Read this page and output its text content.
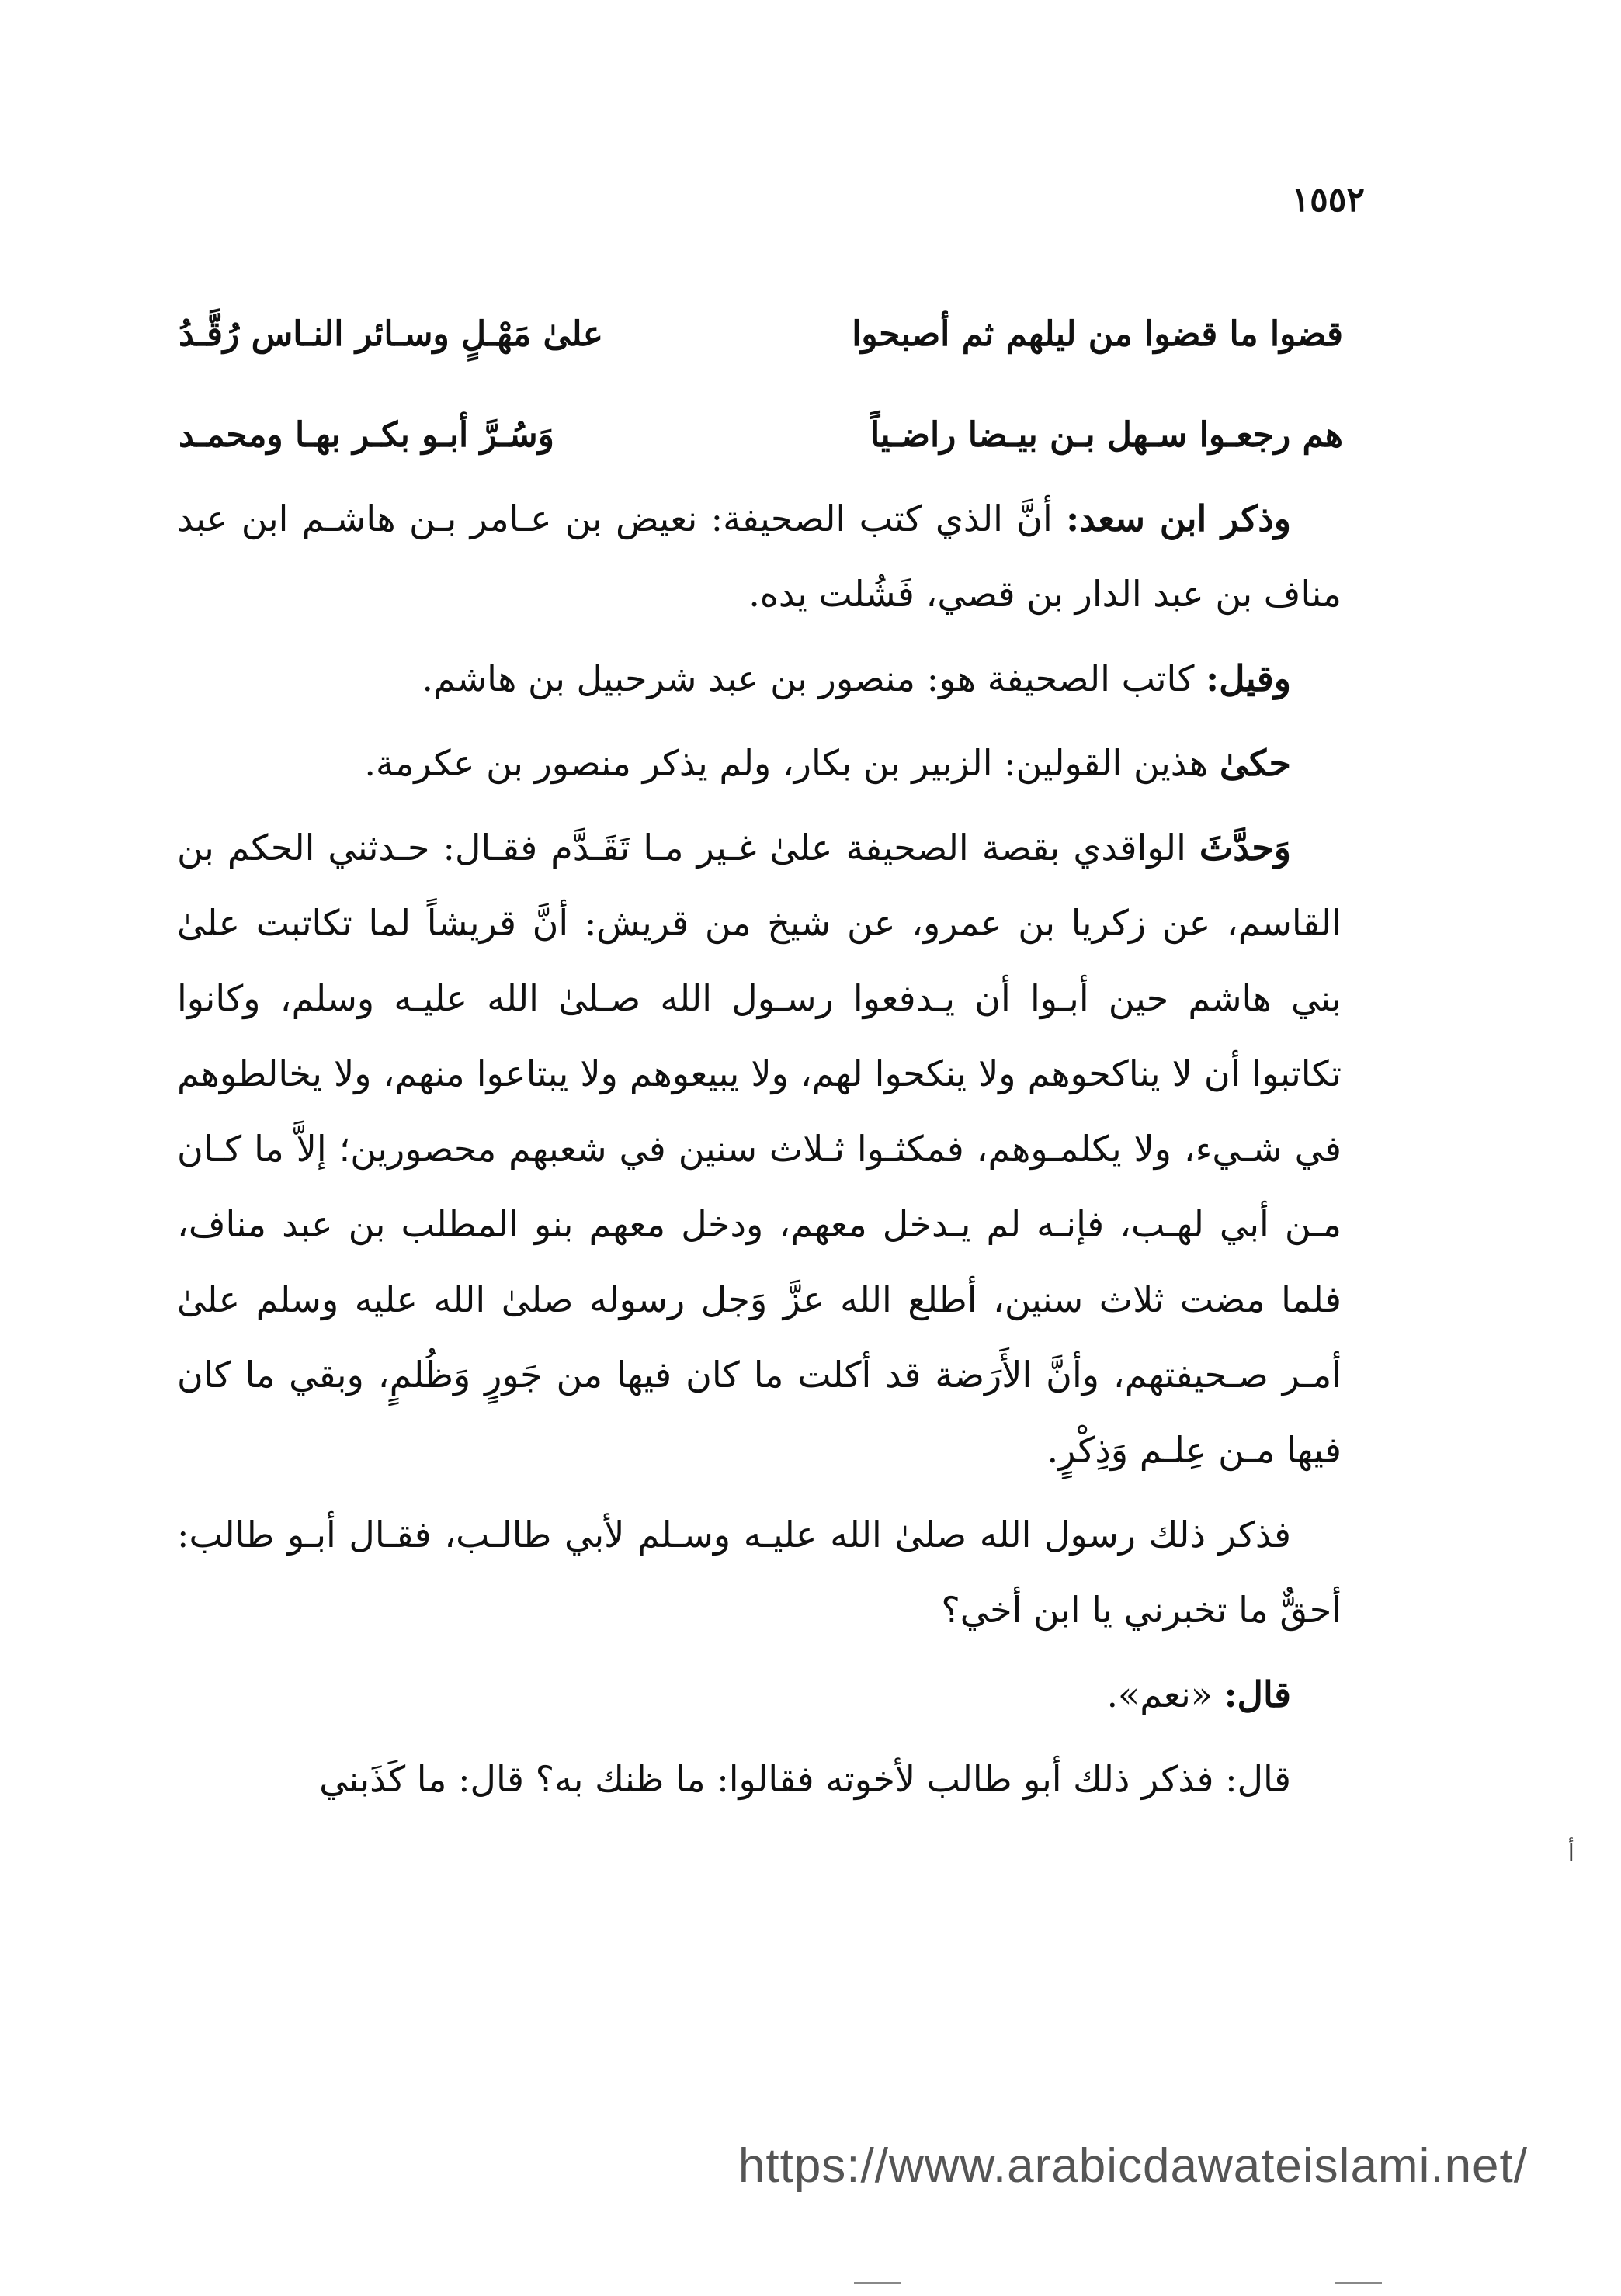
١٥٥٢
قضوا ما قضوا من ليلهم ثم أصبحوا
علىٰ مَهْـلٍ وسـائر النـاس رُقَّـدُ
هم رجعـوا سـهل بـن بيـضا راضـياً
وَسُـرَّ أبـو بكـر بهـا ومحمـد

وذكر ابن سعد: أنَّ الذي كتب الصحيفة: نعيض بن عـامر بـن هاشـم ابن عبد مناف بن عبد الدار بن قصي، فَشُلت يده.

وقيل: كاتب الصحيفة هو: منصور بن عبد شرحبيل بن هاشم.

حكىٰ هذين القولين: الزبير بن بكار، ولم يذكر منصور بن عكرمة.

وَحدَّثَ الواقدي بقصة الصحيفة علىٰ غـير مـا تَقَـدَّم فقـال: حـدثني الحكم بن القاسم، عن زكريا بن عمرو، عن شيخ من قريش: أنَّ قريشاً لما تكاتبت علىٰ بني هاشم حين أبـوا أن يـدفعوا رسـول الله صـلىٰ الله عليـه وسلم، وكانوا تكاتبوا أن لا يناكحوهم ولا ينكحوا لهم، ولا يبيعوهم ولا يبتاعوا منهم، ولا يخالطوهم في شـيء، ولا يكلمـوهم، فمكثـوا ثـلاث سنين في شعبهم محصورين؛ إلاَّ ما كـان مـن أبي لهـب، فإنـه لم يـدخل معهم، ودخل معهم بنو المطلب بن عبد مناف، فلما مضت ثلاث سنين، أطلع الله عزَّ وَجل رسوله صلىٰ الله عليه وسلم علىٰ أمـر صـحيفتهم، وأنَّ الأَرَضة قد أكلت ما كان فيها من جَورٍ وَظُلمٍ، وبقي ما كان فيها مـن عِلـم وَذِكْرٍ.

فذكر ذلك رسول الله صلىٰ الله عليـه وسـلم لأبي طالـب، فقـال أبـو طالب: أحقٌّ ما تخبرني يا ابن أخي؟

قال: «نعم».

قال: فذكر ذلك أبو طالب لأخوته فقالوا: ما ظنك به؟ قال: ما كَذَبني

أ
https://www.arabicdawateislami.net/
